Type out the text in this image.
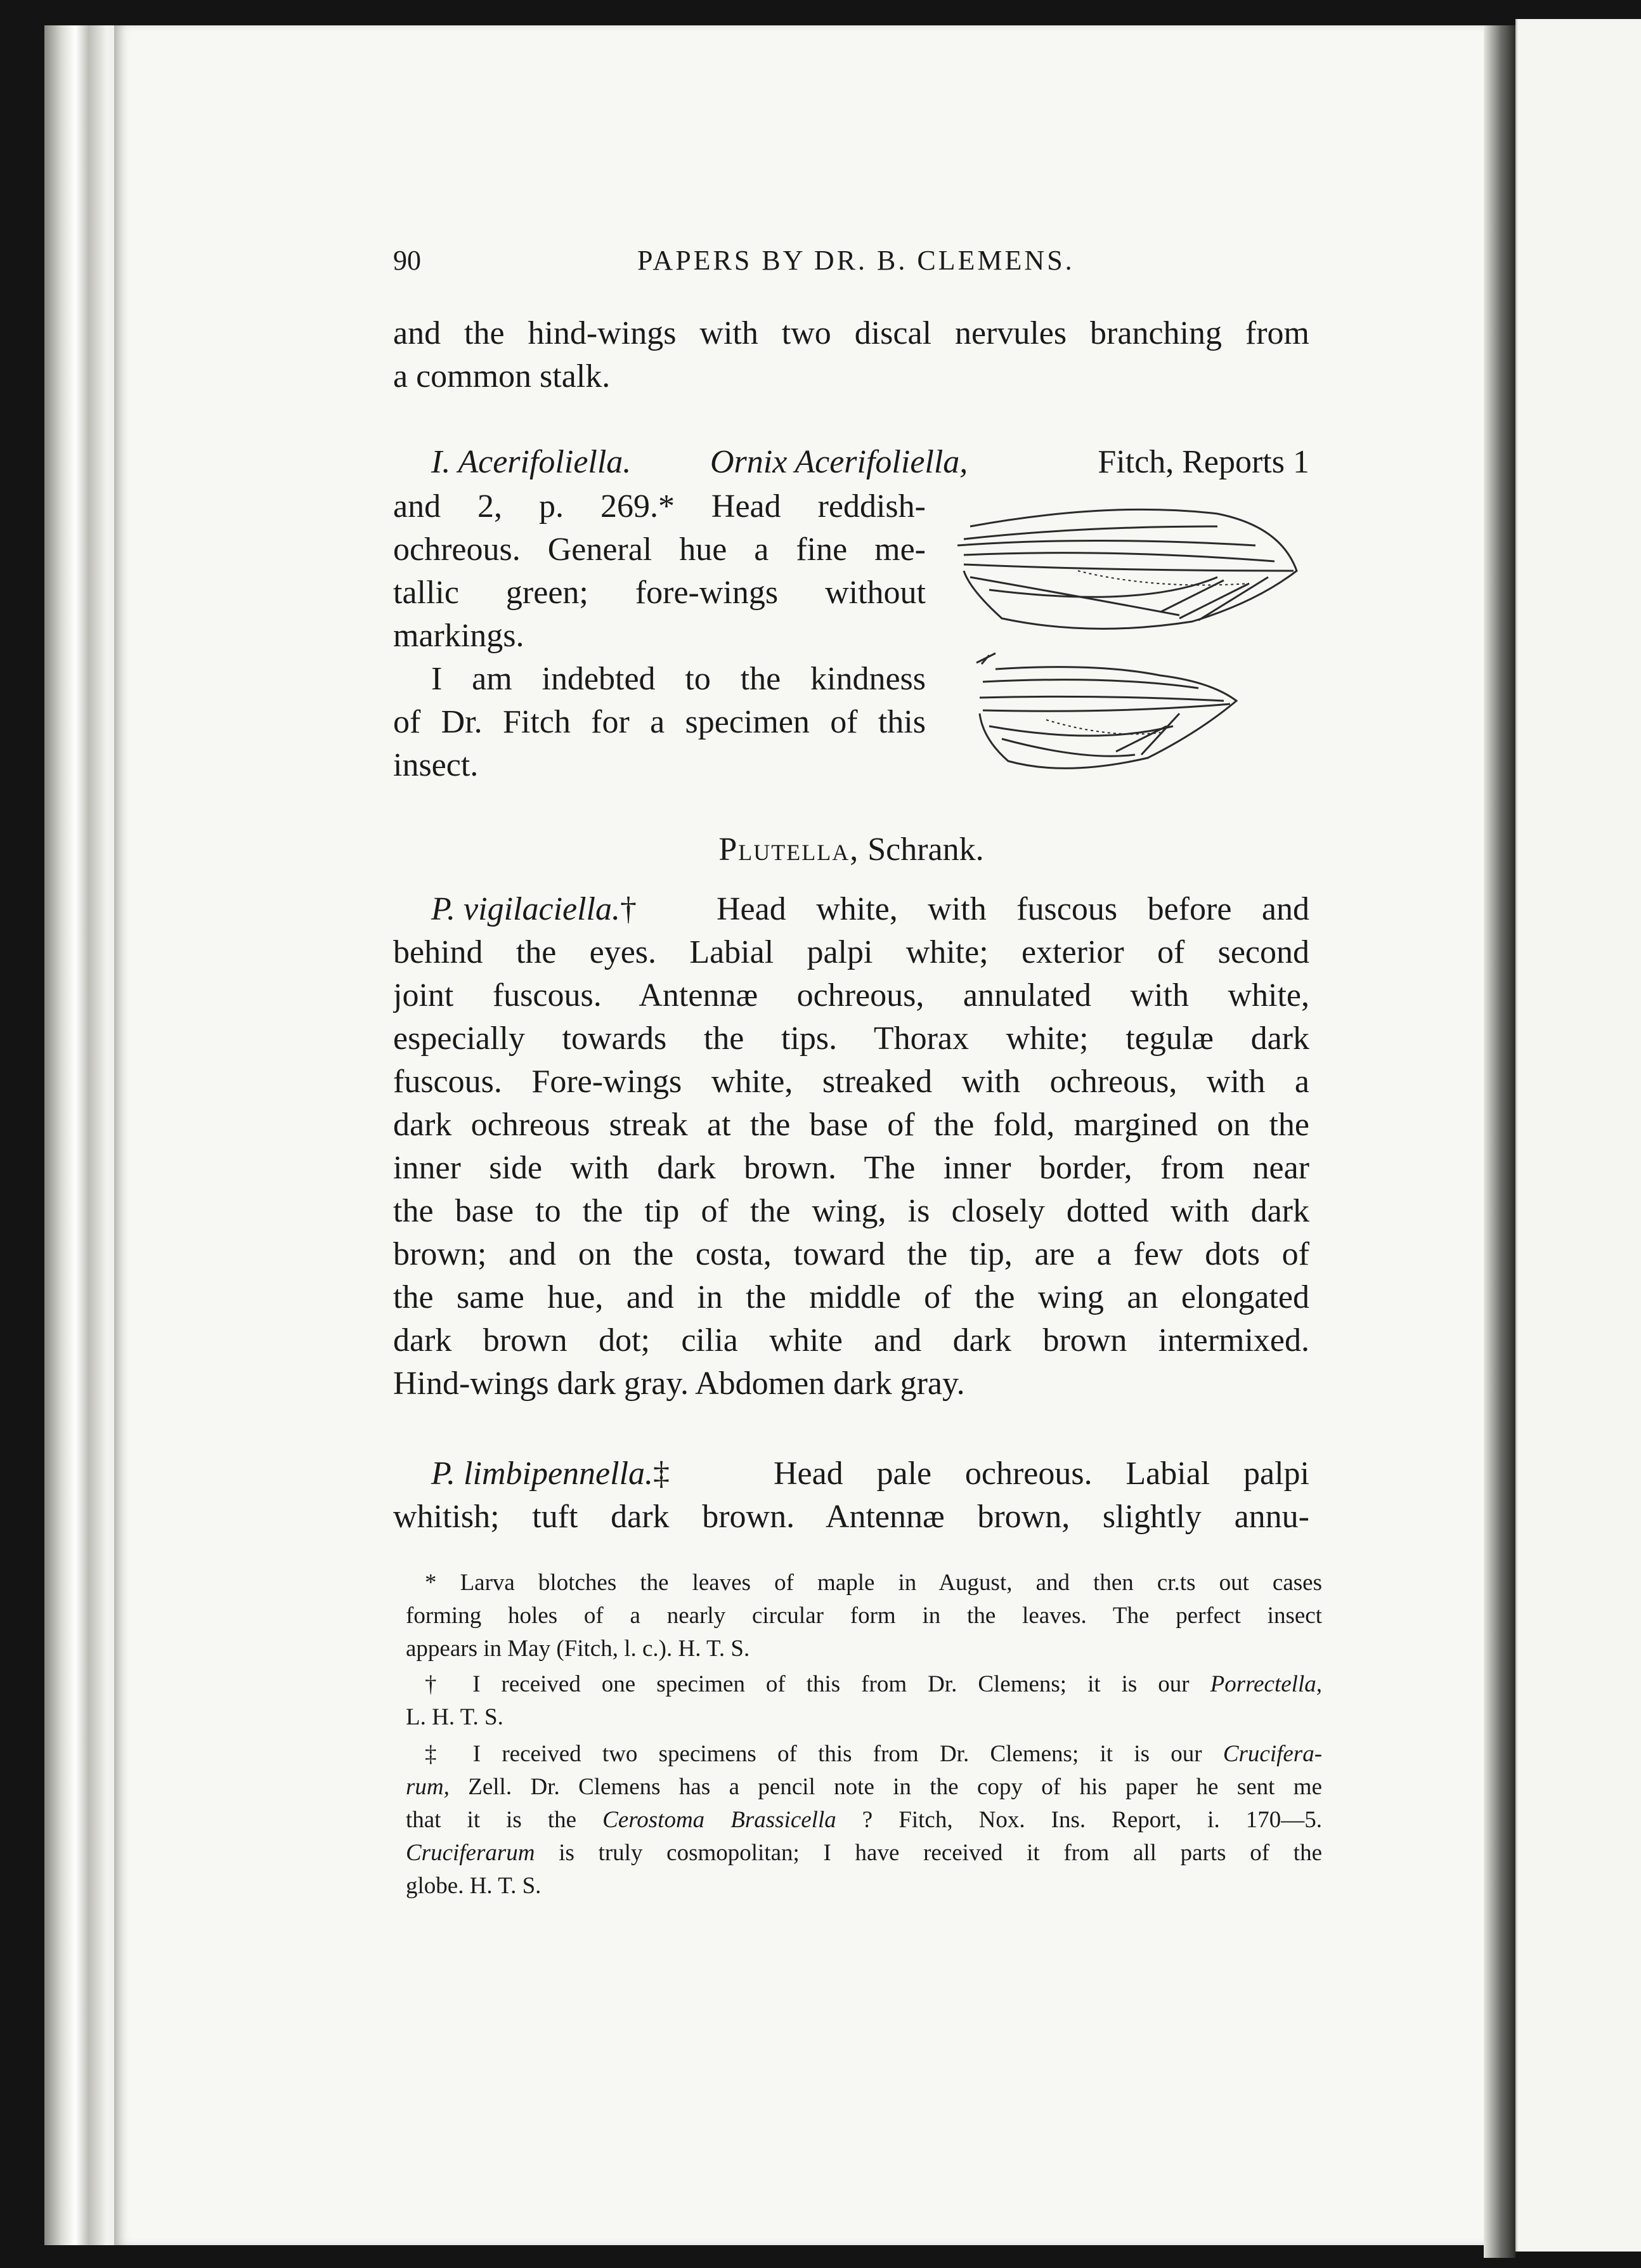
90	PAPERS BY DR. B. CLEMENS.
and the hind-wings with two discal nervules branching from
a common stalk.
I. Acerifoliella. Ornix Acerifoliella,	Fitch, Reports 1
and 2, p. 269.* Head reddish-
ochreous. General hue a fine me-
tallic green; fore-wings without
markings.
I am indebted to the kindness
of Dr. Fitch for a specimen of this
insect.
Plutella, Schrank.
P. vigilaciella.† Head white, with fuscous before and
behind the eyes. Labial palpi white; exterior of second
joint fuscous. Antennæ ochreous, annulated with white,
especially towards the tips. Thorax white; tegulæ dark
fuscous. Fore-wings white, streaked with ochreous, with a
dark ochreous streak at the base of the fold, margined on the
inner side with dark brown. The inner border, from near
the base to the tip of the wing, is closely dotted with dark
brown; and on the costa, toward the tip, are a few dots of
the same hue, and in the middle of the wing an elongated
dark brown dot; cilia white and dark brown intermixed.
Hind-wings dark gray. Abdomen dark gray.
P. limbipennella.‡	Head pale ochreous. Labial palpi
whitish; tuft dark brown. Antennæ brown, slightly annu-
* Larva blotches the leaves of maple in August, and then cr.ts out cases
forming holes of a nearly circular form in the leaves. The perfect insect
appears in May (Fitch, l. c.). H. T. S.
† I received one specimen of this from Dr. Clemens; it is our Porrectella,
L. H. T. S.
‡ I received two specimens of this from Dr. Clemens; it is our Crucifera-
rum, Zell. Dr. Clemens has a pencil note in the copy of his paper he sent me
that it is the Cerostoma Brassicella ? Fitch, Nox. Ins. Report, i. 170—5.
Cruciferarum is truly cosmopolitan; I have received it from all parts of the
globe. H. T. S.
